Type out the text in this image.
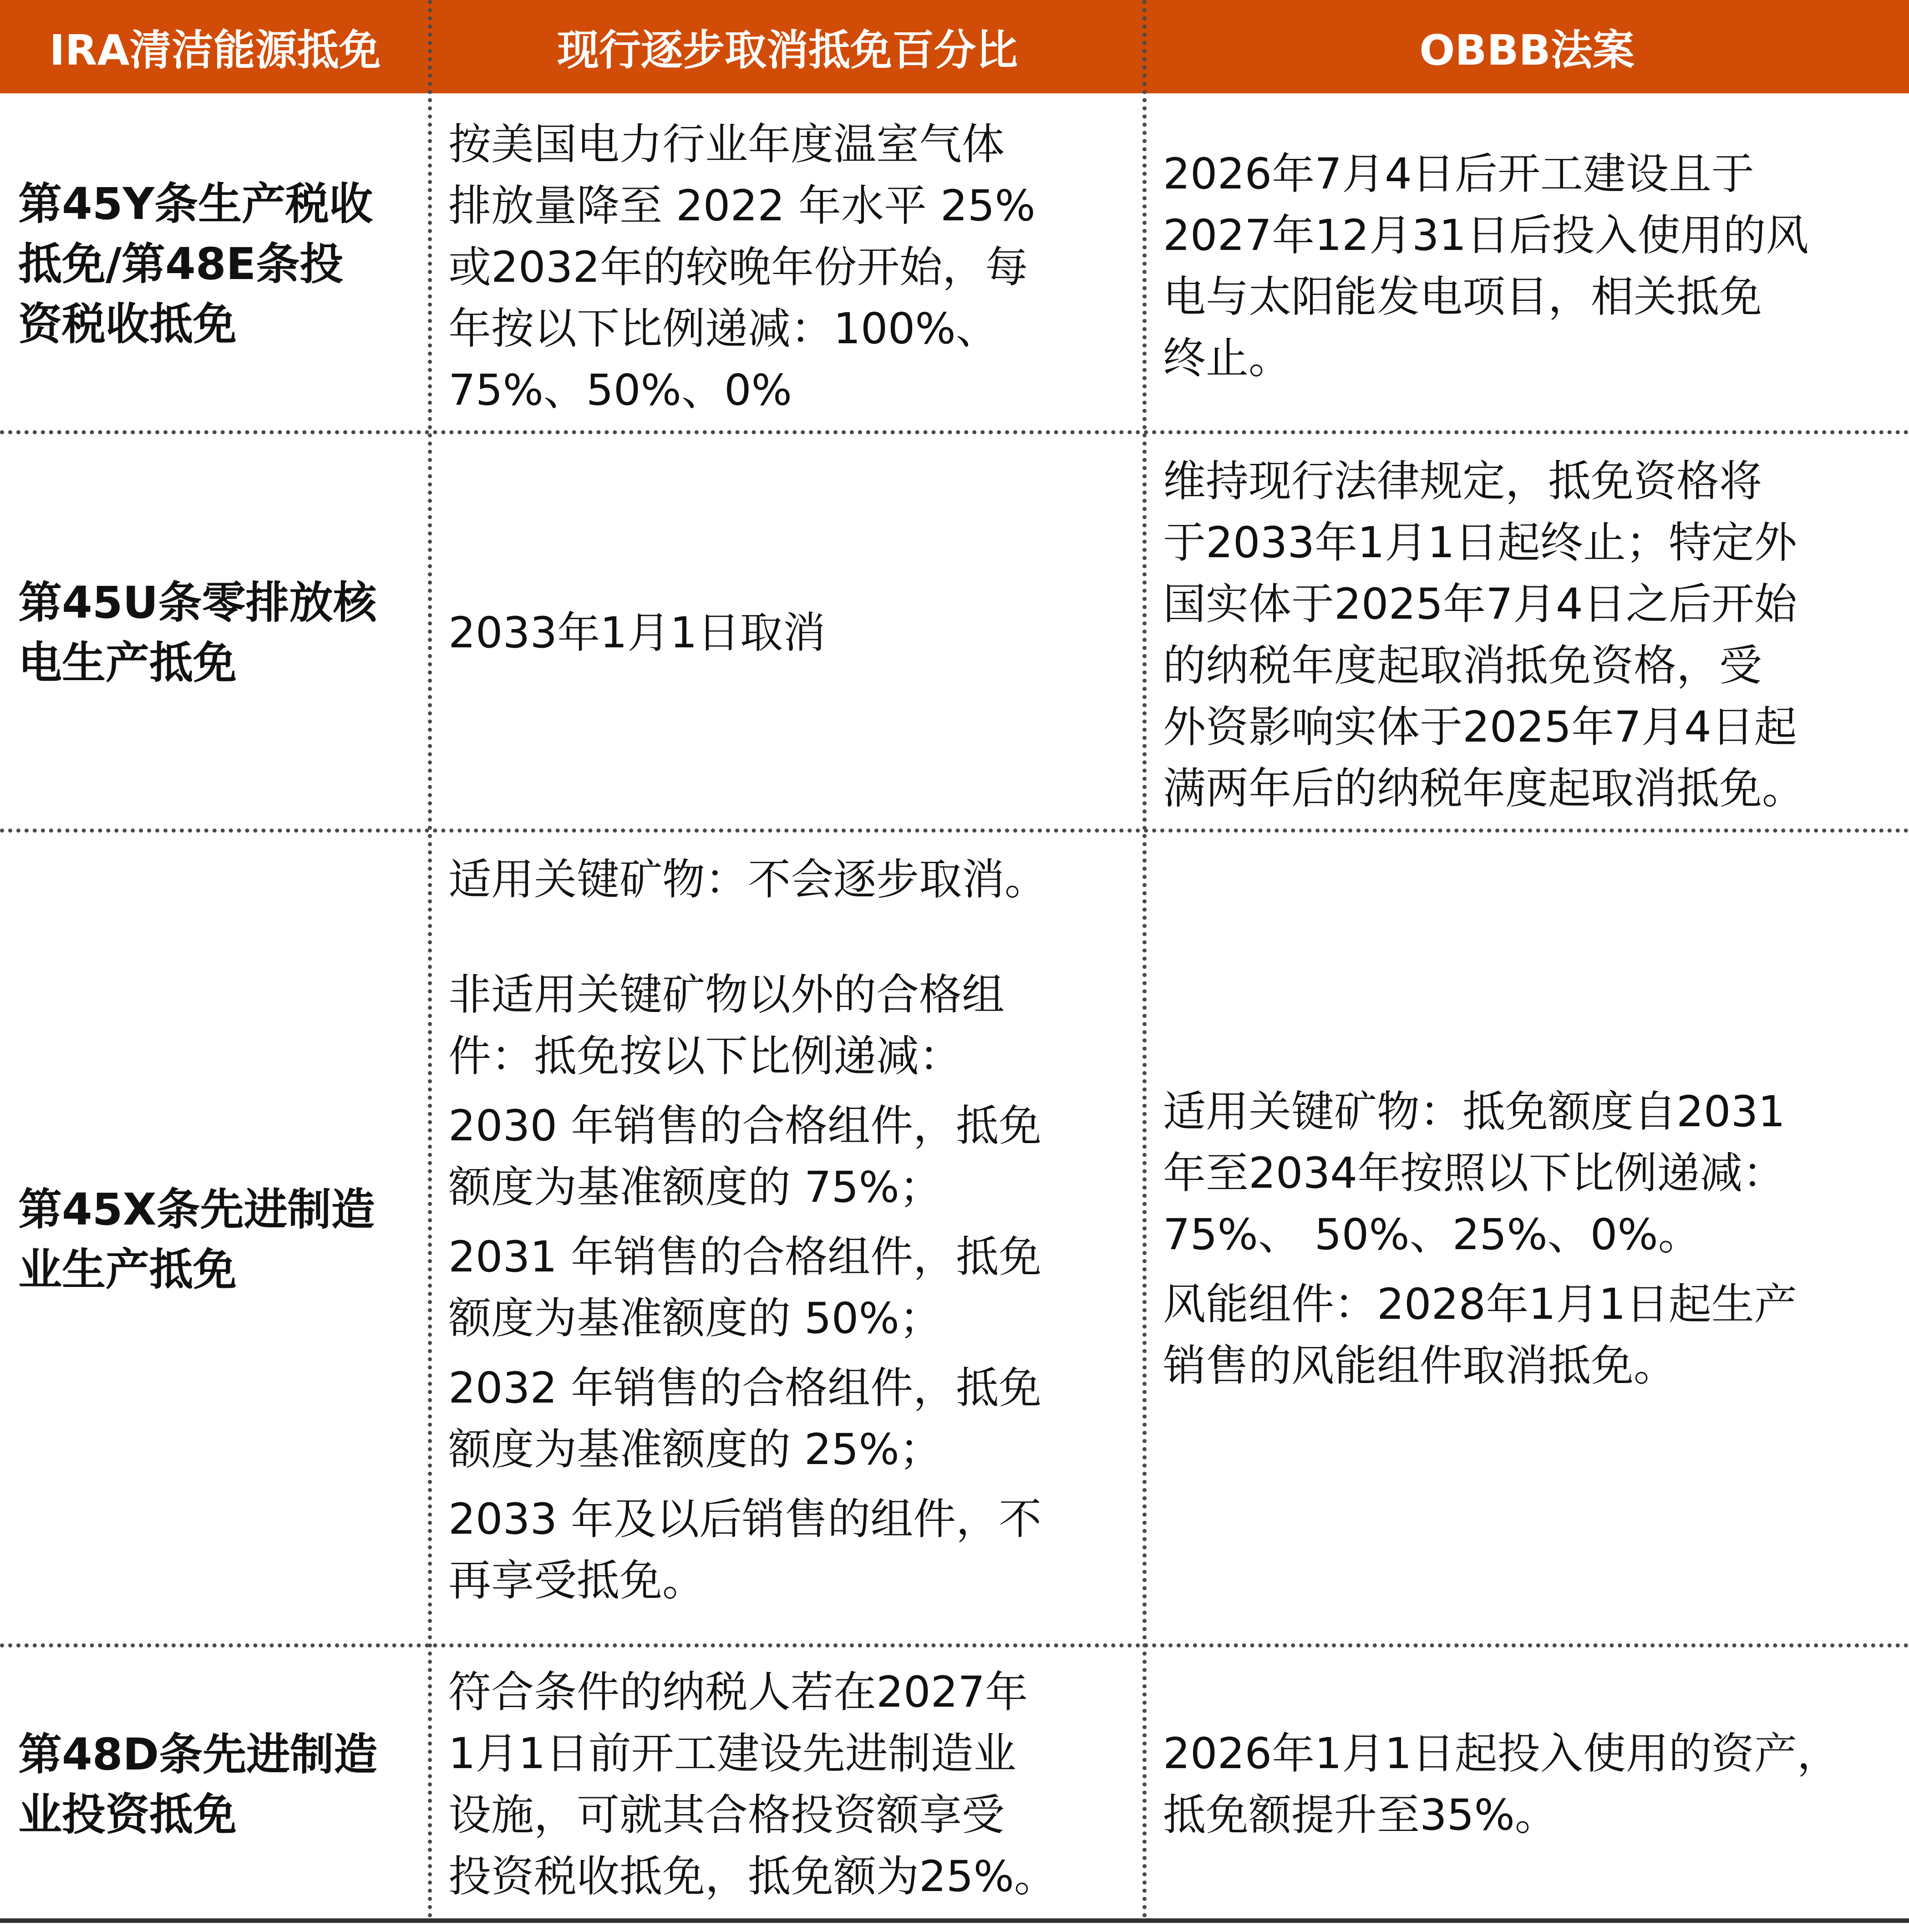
IRA清洁能源抵免	现行逐步取消抵免百分比	OBBB法案
第45Y条生产税收
抵免/第48E条投
资税收抵免
按美国电力行业年度温室气体
排放量降至 2022 年水平 25%
或2032年的较晚年份开始，每
年按以下比例递减：100%、
75%、50%、0%
2026年7月4日后开工建设且于
2027年12月31日后投入使用的风
电与太阳能发电项目，相关抵免
终止。
第45U条零排放核
电生产抵免
2033年1月1日取消
维持现行法律规定，抵免资格将
于2033年1月1日起终止；特定外
国实体于2025年7月4日之后开始
的纳税年度起取消抵免资格，受
外资影响实体于2025年7月4日起
满两年后的纳税年度起取消抵免。
第45X条先进制造
业生产抵免
适用关键矿物：不会逐步取消。
非适用关键矿物以外的合格组
件：抵免按以下比例递减：
2030 年销售的合格组件，抵免
额度为基准额度的 75%；
2031 年销售的合格组件，抵免
额度为基准额度的 50%；
2032 年销售的合格组件，抵免
额度为基准额度的 25%；
2033 年及以后销售的组件，不
再享受抵免。
适用关键矿物：抵免额度自2031
年至2034年按照以下比例递减：
75%、 50%、25%、0%。
风能组件：2028年1月1日起生产
销售的风能组件取消抵免。
第48D条先进制造
业投资抵免
符合条件的纳税人若在2027年
1月1日前开工建设先进制造业
设施，可就其合格投资额享受
投资税收抵免，抵免额为25%。
2026年1月1日起投入使用的资产，
抵免额提升至35%。
